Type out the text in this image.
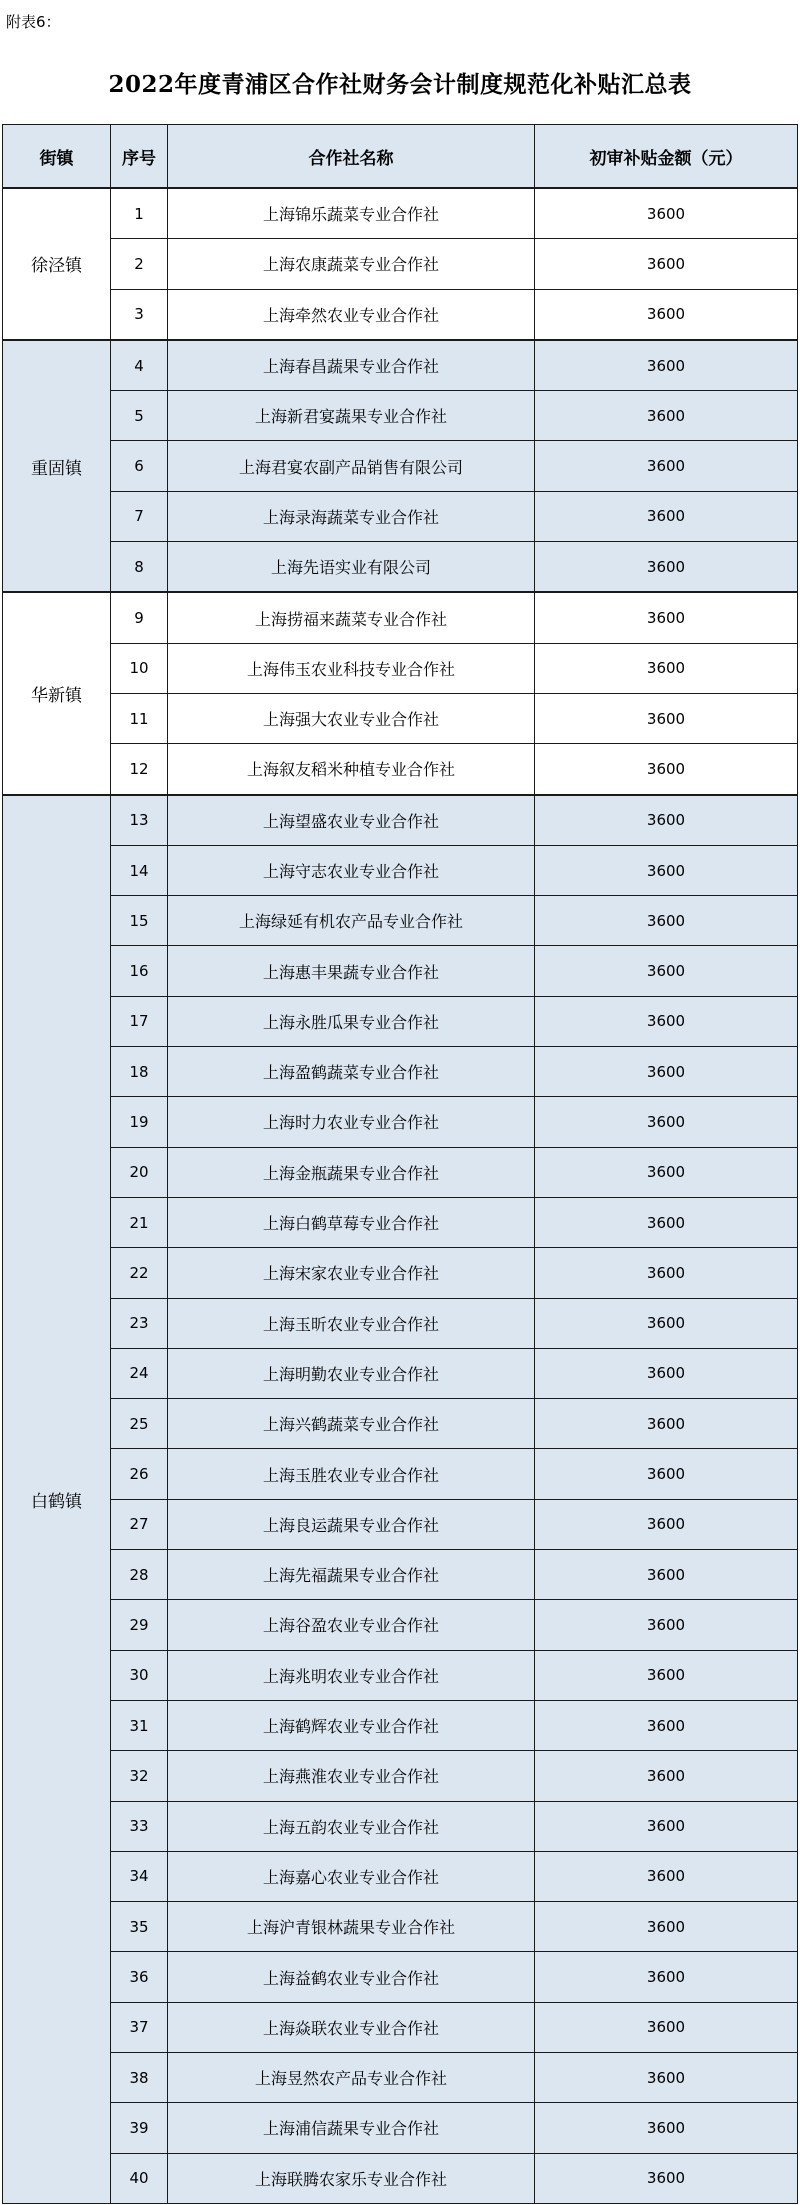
附表6：
2022年度青浦区合作社财务会计制度规范化补贴汇总表
街镇	序号	合作社名称	初审补贴金额（元）
徐泾镇	1	上海锦乐蔬菜专业合作社	3600
	2	上海农康蔬菜专业合作社	3600
	3	上海牵然农业专业合作社	3600
重固镇	4	上海春昌蔬果专业合作社	3600
	5	上海新君宴蔬果专业合作社	3600
	6	上海君宴农副产品销售有限公司	3600
	7	上海录海蔬菜专业合作社	3600
	8	上海先语实业有限公司	3600
华新镇	9	上海捞福来蔬菜专业合作社	3600
	10	上海伟玉农业科技专业合作社	3600
	11	上海强大农业专业合作社	3600
	12	上海叙友稻米种植专业合作社	3600
白鹤镇	13	上海望盛农业专业合作社	3600
	14	上海守志农业专业合作社	3600
	15	上海绿延有机农产品专业合作社	3600
	16	上海惠丰果蔬专业合作社	3600
	17	上海永胜瓜果专业合作社	3600
	18	上海盈鹤蔬菜专业合作社	3600
	19	上海时力农业专业合作社	3600
	20	上海金瓶蔬果专业合作社	3600
	21	上海白鹤草莓专业合作社	3600
	22	上海宋家农业专业合作社	3600
	23	上海玉昕农业专业合作社	3600
	24	上海明勤农业专业合作社	3600
	25	上海兴鹤蔬菜专业合作社	3600
	26	上海玉胜农业专业合作社	3600
	27	上海良运蔬果专业合作社	3600
	28	上海先福蔬果专业合作社	3600
	29	上海谷盈农业专业合作社	3600
	30	上海兆明农业专业合作社	3600
	31	上海鹤辉农业专业合作社	3600
	32	上海燕淮农业专业合作社	3600
	33	上海五韵农业专业合作社	3600
	34	上海嘉心农业专业合作社	3600
	35	上海沪青银林蔬果专业合作社	3600
	36	上海益鹤农业专业合作社	3600
	37	上海焱联农业专业合作社	3600
	38	上海昱然农产品专业合作社	3600
	39	上海浦信蔬果专业合作社	3600
	40	上海联腾农家乐专业合作社	3600
